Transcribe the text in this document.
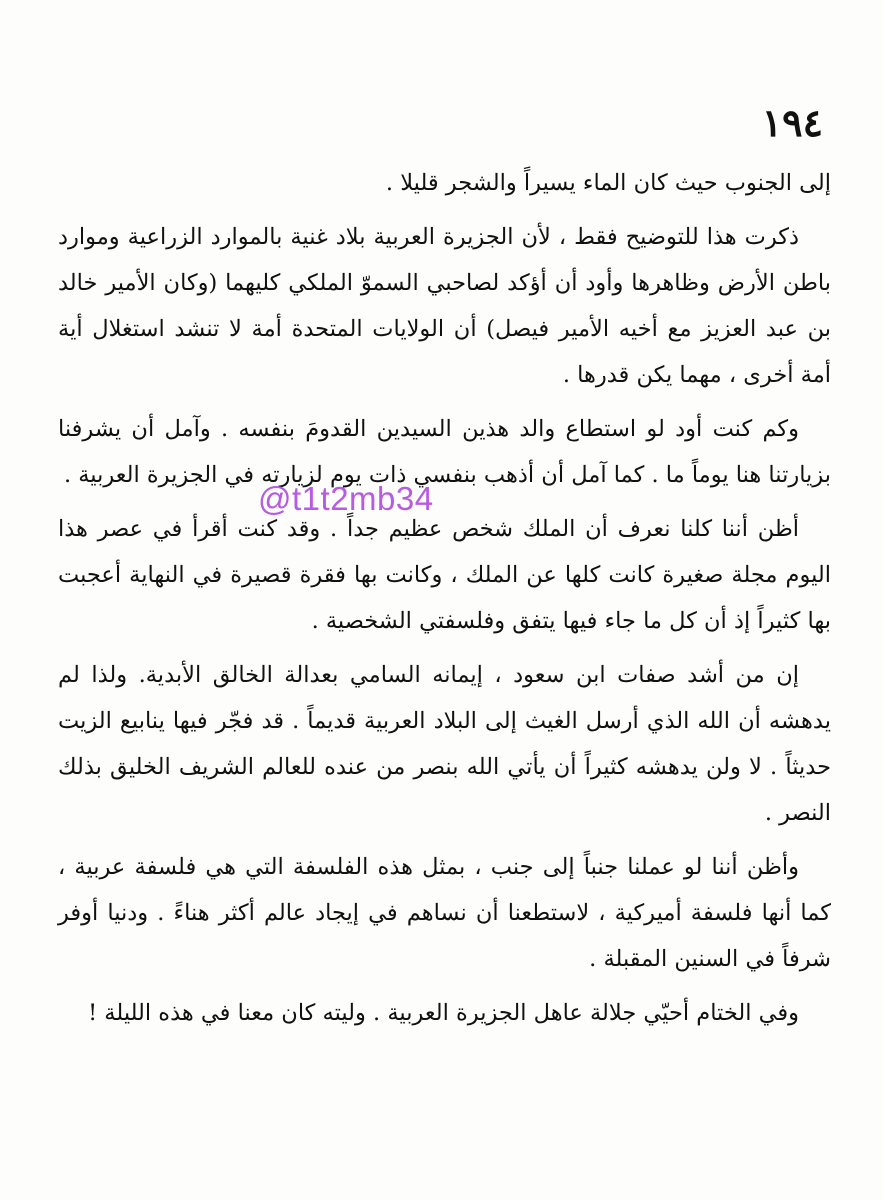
١٩٤

إلى الجنوب حيث كان الماء يسيراً والشجر قليلا .

ذكرت هذا للتوضيح فقط ، لأن الجزيرة العربية بلاد غنية بالموارد الزراعية وموارد باطن الأرض وظاهرها وأود أن أؤكد لصاحبي السموّ الملكي كليهما (وكان الأمير خالد بن عبد العزيز مع أخيه الأمير فيصل) أن الولايات المتحدة أمة لا تنشد استغلال أية أمة أخرى ، مهما يكن قدرها .

وكم كنت أود لو استطاع والد هذين السيدين القدومَ بنفسه . وآمل أن يشرفنا بزيارتنا هنا يوماً ما . كما آمل أن أذهب بنفسي ذات يوم لزيارته في الجزيرة العربية .

أظن أننا كلنا نعرف أن الملك شخص عظيم جداً . وقد كنت أقرأ في عصر هذا اليوم مجلة صغيرة كانت كلها عن الملك ، وكانت بها فقرة قصيرة في النهاية أعجبت بها كثيراً إذ أن كل ما جاء فيها يتفق وفلسفتي الشخصية .

إن من أشد صفات ابن سعود ، إيمانه السامي بعدالة الخالق الأبدية. ولذا لم يدهشه أن الله الذي أرسل الغيث إلى البلاد العربية قديماً . قد فجّر فيها ينابيع الزيت حديثاً . لا ولن يدهشه كثيراً أن يأتي الله بنصر من عنده للعالم الشريف الخليق بذلك النصر .

وأظن أننا لو عملنا جنباً إلى جنب ، بمثل هذه الفلسفة التي هي فلسفة عربية ، كما أنها فلسفة أميركية ، لاستطعنا أن نساهم في إيجاد عالم أكثر هناءً . ودنيا أوفر شرفاً في السنين المقبلة .

وفي الختام أحيّي جلالة عاهل الجزيرة العربية . وليته كان معنا في هذه الليلة !

@t1t2mb34
